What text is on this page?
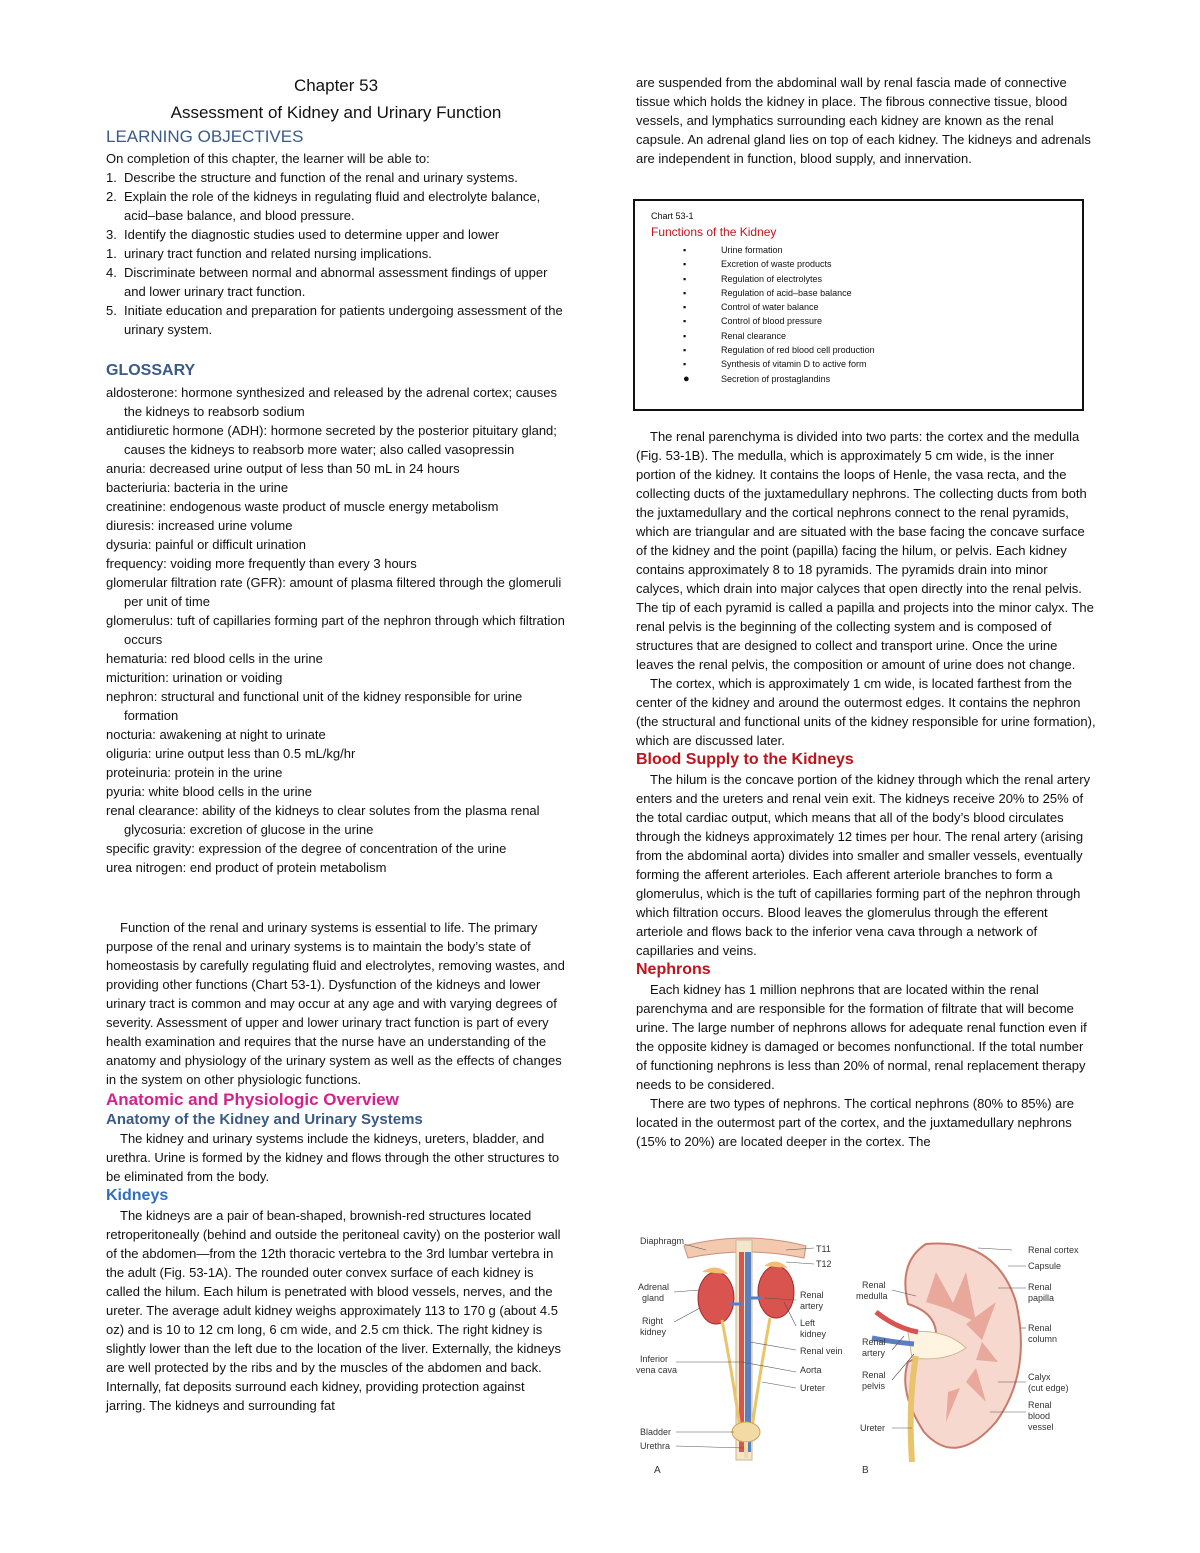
Chapter 53
Assessment of Kidney and Urinary Function
LEARNING OBJECTIVES
On completion of this chapter, the learner will be able to:
1. Describe the structure and function of the renal and urinary systems.
2. Explain the role of the kidneys in regulating fluid and electrolyte balance, acid–base balance, and blood pressure.
3. Identify the diagnostic studies used to determine upper and lower
1. urinary tract function and related nursing implications.
4. Discriminate between normal and abnormal assessment findings of upper and lower urinary tract function.
5. Initiate education and preparation for patients undergoing assessment of the urinary system.
GLOSSARY

aldosterone: hormone synthesized and released by the adrenal cortex; causes the kidneys to reabsorb sodium

antidiuretic hormone (ADH): hormone secreted by the posterior pituitary gland; causes the kidneys to reabsorb more water; also called vasopressin

anuria: decreased urine output of less than 50 mL in 24 hours

bacteriuria: bacteria in the urine

creatinine: endogenous waste product of muscle energy metabolism

diuresis: increased urine volume

dysuria: painful or difficult urination

frequency: voiding more frequently than every 3 hours

glomerular filtration rate (GFR): amount of plasma filtered through the glomeruli per unit of time

glomerulus: tuft of capillaries forming part of the nephron through which filtration occurs

hematuria: red blood cells in the urine

micturition: urination or voiding

nephron: structural and functional unit of the kidney responsible for urine formation

nocturia: awakening at night to urinate

oliguria: urine output less than 0.5 mL/kg/hr

proteinuria: protein in the urine

pyuria: white blood cells in the urine

renal clearance: ability of the kidneys to clear solutes from the plasma renal glycosuria: excretion of glucose in the urine

specific gravity: expression of the degree of concentration of the urine

urea nitrogen: end product of protein metabolism

Function of the renal and urinary systems is essential to life. The primary purpose of the renal and urinary systems is to maintain the body’s state of homeostasis by carefully regulating fluid and electrolytes, removing wastes, and providing other functions (Chart 53-1). Dysfunction of the kidneys and lower urinary tract is common and may occur at any age and with varying degrees of severity. Assessment of upper and lower urinary tract function is part of every health examination and requires that the nurse have an understanding of the anatomy and physiology of the urinary system as well as the effects of changes in the system on other physiologic functions.

Anatomic and Physiologic Overview
Anatomy of the Kidney and Urinary Systems

The kidney and urinary systems include the kidneys, ureters, bladder, and urethra. Urine is formed by the kidney and flows through the other structures to be eliminated from the body.

Kidneys

The kidneys are a pair of bean-shaped, brownish-red structures located retroperitoneally (behind and outside the peritoneal cavity) on the posterior wall of the abdomen—from the 12th thoracic vertebra to the 3rd lumbar vertebra in the adult (Fig. 53-1A). The rounded outer convex surface of each kidney is called the hilum. Each hilum is penetrated with blood vessels, nerves, and the ureter. The average adult kidney weighs approximately 113 to 170 g (about 4.5 oz) and is 10 to 12 cm long, 6 cm wide, and 2.5 cm thick. The right kidney is slightly lower than the left due to the location of the liver. Externally, the kidneys are well protected by the ribs and by the muscles of the abdomen and back. Internally, fat deposits surround each kidney, providing protection against jarring. The kidneys and surrounding fat

are suspended from the abdominal wall by renal fascia made of connective tissue which holds the kidney in place. The fibrous connective tissue, blood vessels, and lymphatics surrounding each kidney are known as the renal capsule. An adrenal gland lies on top of each kidney. The kidneys and adrenals are independent in function, blood supply, and innervation.
Chart 53-1
Functions of the Kidney
▪ Urine formation
▪ Excretion of waste products
▪ Regulation of electrolytes
▪ Regulation of acid–base balance
▪ Control of water balance
▪ Control of blood pressure
▪ Renal clearance
▪ Regulation of red blood cell production
▪ Synthesis of vitamin D to active form
● Secretion of prostaglandins

The renal parenchyma is divided into two parts: the cortex and the medulla (Fig. 53-1B). The medulla, which is approximately 5 cm wide, is the inner portion of the kidney. It contains the loops of Henle, the vasa recta, and the collecting ducts of the juxtamedullary nephrons. The collecting ducts from both the juxtamedullary and the cortical nephrons connect to the renal pyramids, which are triangular and are situated with the base facing the concave surface of the kidney and the point (papilla) facing the hilum, or pelvis. Each kidney contains approximately 8 to 18 pyramids. The pyramids drain into minor calyces, which drain into major calyces that open directly into the renal pelvis. The tip of each pyramid is called a papilla and projects into the minor calyx. The renal pelvis is the beginning of the collecting system and is composed of structures that are designed to collect and transport urine. Once the urine leaves the renal pelvis, the composition or amount of urine does not change.

The cortex, which is approximately 1 cm wide, is located farthest from the center of the kidney and around the outermost edges. It contains the nephron (the structural and functional units of the kidney responsible for urine formation), which are discussed later.

Blood Supply to the Kidneys

The hilum is the concave portion of the kidney through which the renal artery enters and the ureters and renal vein exit. The kidneys receive 20% to 25% of the total cardiac output, which means that all of the body’s blood circulates through the kidneys approximately 12 times per hour. The renal artery (arising from the abdominal aorta) divides into smaller and smaller vessels, eventually forming the afferent arterioles. Each afferent arteriole branches to form a glomerulus, which is the tuft of capillaries forming part of the nephron through which filtration occurs. Blood leaves the glomerulus through the efferent arteriole and flows back to the inferior vena cava through a network of capillaries and veins.

Nephrons

Each kidney has 1 million nephrons that are located within the renal parenchyma and are responsible for the formation of filtrate that will become urine. The large number of nephrons allows for adequate renal function even if the opposite kidney is damaged or becomes nonfunctional. If the total number of functioning nephrons is less than 20% of normal, renal replacement therapy needs to be considered.

There are two types of nephrons. The cortical nephrons (80% to 85%) are located in the outermost part of the cortex, and the juxtamedullary nephrons (15% to 20%) are located deeper in the cortex. The

Diaphragm
T11
T12
Adrenal
gland
Right
kidney
Inferior
vena cava
Renal
artery
Left
kidney
Renal vein
Aorta
Ureter
Bladder
Urethra
A
Renal cortex
Capsule
Renal
papilla
Renal
medulla
Renal
column
Renal
artery
Calyx
(cut edge)
Renal
pelvis
Renal
blood
vessel
Ureter
B
